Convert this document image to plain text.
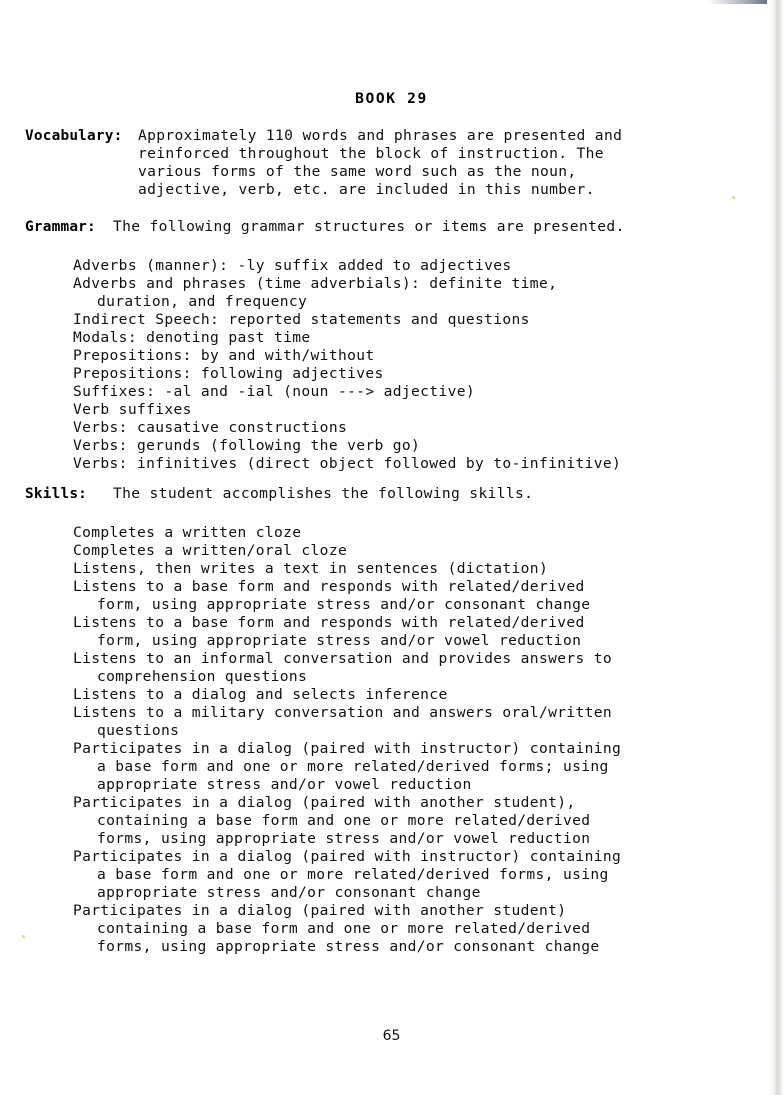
BOOK 29
Vocabulary:	Approximately 110 words and phrases are presented and
reinforced throughout the block of instruction. The
various forms of the same word such as the noun,
adjective, verb, etc. are included in this number.
Grammar:	The following grammar structures or items are presented.
Adverbs (manner): -ly suffix added to adjectives
Adverbs and phrases (time adverbials): definite time,
duration, and frequency
Indirect Speech: reported statements and questions
Modals: denoting past time
Prepositions: by and with/without
Prepositions: following adjectives
Suffixes: -al and -ial (noun ---> adjective)
Verb suffixes
Verbs: causative constructions
Verbs: gerunds (following the verb go)
Verbs: infinitives (direct object followed by to-infinitive)
Skills:	The student accomplishes the following skills.
Completes a written cloze
Completes a written/oral cloze
Listens, then writes a text in sentences (dictation)
Listens to a base form and responds with related/derived
form, using appropriate stress and/or consonant change
Listens to a base form and responds with related/derived
form, using appropriate stress and/or vowel reduction
Listens to an informal conversation and provides answers to
comprehension questions
Listens to a dialog and selects inference
Listens to a military conversation and answers oral/written
questions
Participates in a dialog (paired with instructor) containing
a base form and one or more related/derived forms; using
appropriate stress and/or vowel reduction
Participates in a dialog (paired with another student),
containing a base form and one or more related/derived
forms, using appropriate stress and/or vowel reduction
Participates in a dialog (paired with instructor) containing
a base form and one or more related/derived forms, using
appropriate stress and/or consonant change
Participates in a dialog (paired with another student)
containing a base form and one or more related/derived
forms, using appropriate stress and/or consonant change
65
